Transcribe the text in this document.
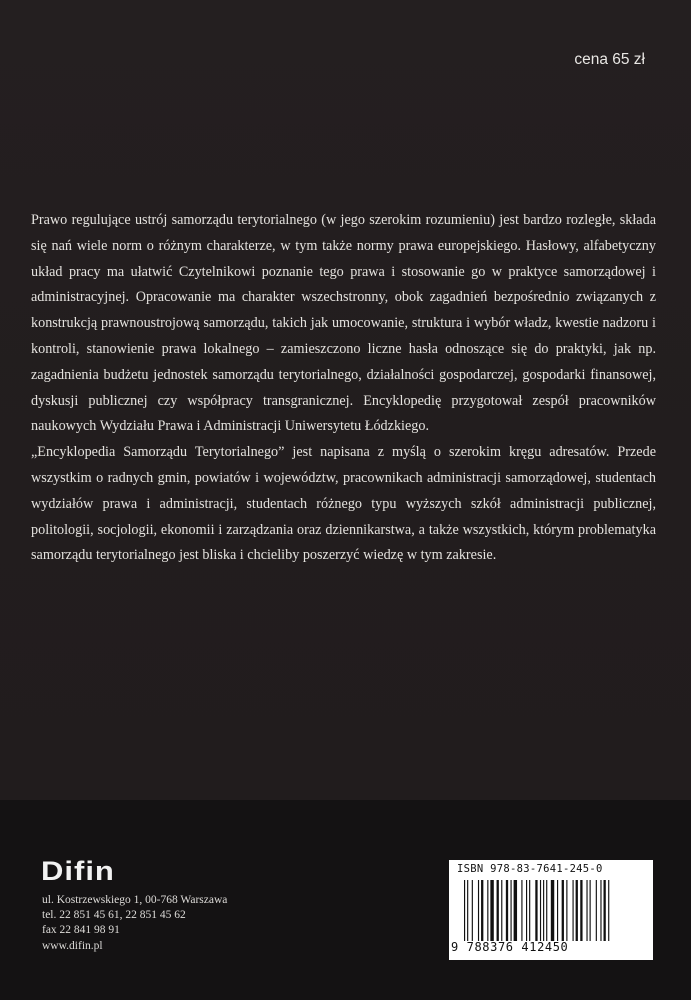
cena 65 zł

Prawo regulujące ustrój samorządu terytorialnego (w jego szerokim rozumieniu) jest bardzo rozległe, składa się nań wiele norm o różnym charakterze, w tym także normy prawa europejskiego. Hasłowy, alfabetyczny układ pracy ma ułatwić Czytelnikowi poznanie tego prawa i stosowanie go w praktyce samorządowej i administracyjnej. Opracowanie ma charakter wszechstronny, obok zagadnień bezpośrednio związanych z konstrukcją prawnoustrojową samorządu, takich jak umocowanie, struktura i wybór władz, kwestie nadzoru i kontroli, stanowienie prawa lokalnego – zamieszczono liczne hasła odnoszące się do praktyki, jak np. zagadnienia budżetu jednostek samorządu terytorialnego, działalności gospodarczej, gospodarki finansowej, dyskusji publicznej czy współpracy transgranicznej. Encyklopedię przygotował zespół pracowników naukowych Wydziału Prawa i Administracji Uniwersytetu Łódzkiego.

„Encyklopedia Samorządu Terytorialnego” jest napisana z myślą o szerokim kręgu adresatów. Przede wszystkim o radnych gmin, powiatów i województw, pracownikach administracji samorządowej, studentach wydziałów prawa i administracji, studentach różnego typu wyższych szkół administracji publicznej, politologii, socjologii, ekonomii i zarządzania oraz dziennikarstwa, a także wszystkich, którym problematyka samorządu terytorialnego jest bliska i chcieliby poszerzyć wiedzę w tym zakresie.

Difin
ul. Kostrzewskiego 1, 00-768 Warszawa
tel. 22 851 45 61, 22 851 45 62
fax 22 841 98 91
www.difin.pl
ISBN 978-83-7641-245-0
9 788376 412450
